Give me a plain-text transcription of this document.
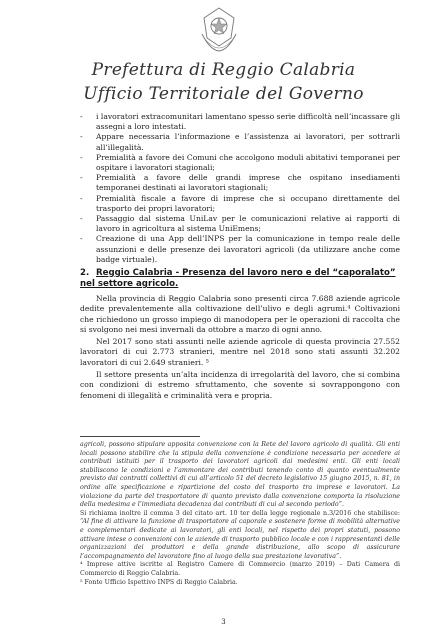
Prefettura di Reggio Calabria
Ufficio Territoriale del Governo
- i lavoratori extracomunitari lamentano spesso serie difficoltà nell’incassare gli assegni a loro intestati.
- Appare necessaria l’informazione e l’assistenza ai lavoratori, per sottrarli all’illegalità.
- Premialità a favore dei Comuni che accolgono moduli abitativi temporanei per ospitare i lavoratori stagionali;
- Premialità a favore delle grandi imprese che ospitano insediamenti temporanei destinati ai lavoratori stagionali;
- Premialità fiscale a favore di imprese che si occupano direttamente del trasporto dei propri lavoratori;
- Passaggio dal sistema UniLav per le comunicazioni relative ai rapporti di lavoro in agricoltura al sistema UniEmens;
- Creazione di una App dell’INPS per la comunicazione in tempo reale delle assunzioni e delle presenze dei lavoratori agricoli (da utilizzare anche come badge virtuale).
2. Reggio Calabria - Presenza del lavoro nero e del “caporalato” nel settore agricolo.

Nella provincia di Reggio Calabria sono presenti circa 7.688 aziende agricole dedite prevalentemente alla coltivazione dell’ulivo e degli agrumi.⁴ Coltivazioni che richiedono un grosso impiego di manodopera per le operazioni di raccolta che si svolgono nei mesi invernali da ottobre a marzo di ogni anno.

Nel 2017 sono stati assunti nelle aziende agricole di questa provincia 27.552 lavoratori di cui 2.773 stranieri, mentre nel 2018 sono stati assunti 32.202 lavoratori di cui 2.649 stranieri. ⁵

Il settore presenta un’alta incidenza di irregolarità del lavoro, che si combina con condizioni di estremo sfruttamento, che sovente si sovrappongono con fenomeni di illegalità e criminalità vera e propria.

agricoli, possono stipulare apposita convenzione con la Rete del lavoro agricolo di qualità. Gli enti locali possono stabilire che la stipula della convenzione è condizione necessaria per accedere ai contributi istituiti per il trasporto dei lavoratori agricoli dai medesimi enti. Gli enti locali stabiliscono le condizioni e l’ammontare dei contributi tenendo conto di quanto eventualmente previsto dai contratti collettivi di cui all’articolo 51 del decreto legislativo 15 giugno 2015, n. 81, in ordine alle specificazione e ripartizione del costo del trasporto tra imprese e lavoratori. La violazione da parte del trasportatore di quanto previsto dalla convenzione comporta la risoluzione della medesima e l’immediata decadenza dai contributi di cui al secondo periodo”.

Si richiama inoltre il comma 3 del citato art. 10 ter della legge regionale n.3/2016 che stabilisce: “Al fine di attivare la funzione di trasportatore al caporale e sostenere forme di mobilità alternative e complementari dedicate ai lavoratori, gli enti locali, nel rispetto dei propri statuti, possono attivare intese o convenzioni con le aziende di trasporto pubblico locale e con i rappresentanti delle organizzazioni dei produttori e della grande distribuzione, allo scopo di assicurare l’accompagnamento del lavoratore fino al luogo della sua prestazione lavorativa”.

⁴ Imprese attive iscritte al Registro Camere di Commercio (marzo 2019) – Dati Camera di Commercio di Reggio Calabria.

⁵ Fonte Ufficio Ispettivo INPS di Reggio Calabria.

3
